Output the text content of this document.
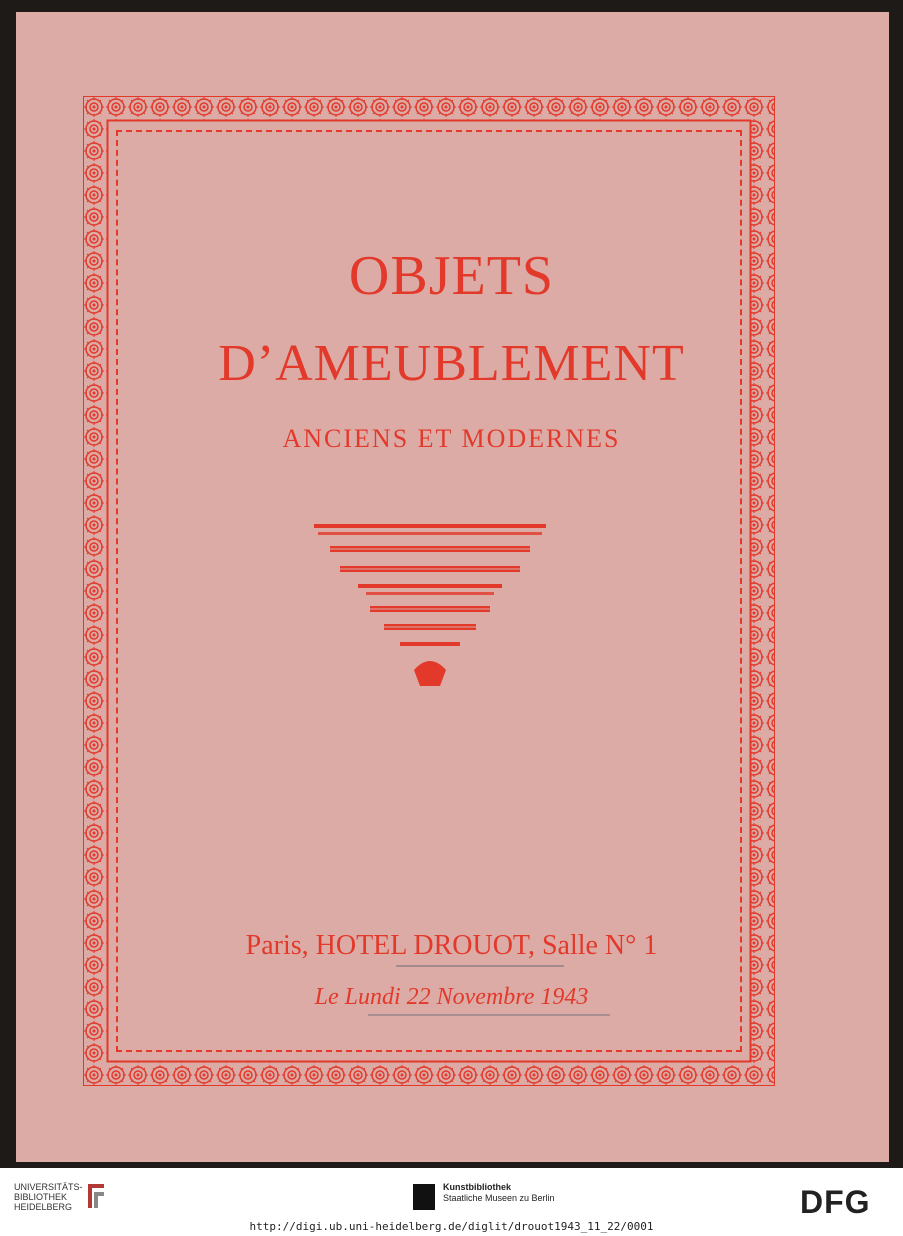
OBJETS
D’AMEUBLEMENT
ANCIENS ET MODERNES
Paris, HOTEL DROUOT, Salle N° 1
Le Lundi 22 Novembre 1943
UNIVERSITÄTS-
BIBLIOTHEK
HEIDELBERG
Kunstbibliothek
Staatliche Museen zu Berlin	DFG
http://digi.ub.uni-heidelberg.de/diglit/drouot1943_11_22/0001
